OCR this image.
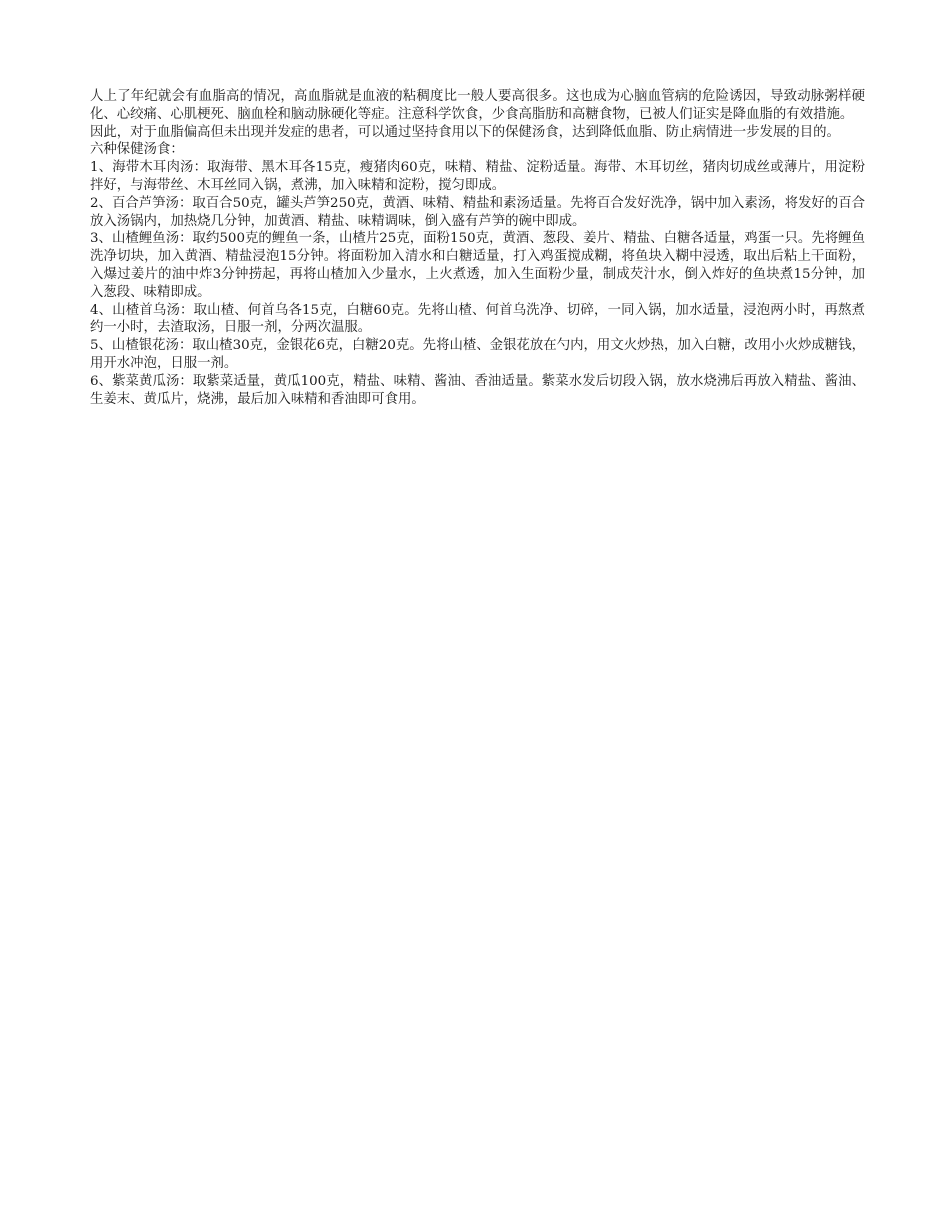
人上了年纪就会有血脂高的情况，高血脂就是血液的粘稠度比一般人要高很多。这也成为心脑血管病的危险诱因，导致动脉粥样硬化、心绞痛、心肌梗死、脑血栓和脑动脉硬化等症。注意科学饮食，少食高脂肪和高糖食物，已被人们证实是降血脂的有效措施。

因此，对于血脂偏高但未出现并发症的患者，可以通过坚持食用以下的保健汤食，达到降低血脂、防止病情进一步发展的目的。

六种保健汤食：

1、海带木耳肉汤：取海带、黑木耳各15克，瘦猪肉60克，味精、精盐、淀粉适量。海带、木耳切丝，猪肉切成丝或薄片，用淀粉拌好，与海带丝、木耳丝同入锅，煮沸，加入味精和淀粉，搅匀即成。

2、百合芦笋汤：取百合50克，罐头芦笋250克，黄酒、味精、精盐和素汤适量。先将百合发好洗净，锅中加入素汤，将发好的百合放入汤锅内，加热烧几分钟，加黄酒、精盐、味精调味，倒入盛有芦笋的碗中即成。

3、山楂鲤鱼汤：取约500克的鲤鱼一条，山楂片25克，面粉150克，黄酒、葱段、姜片、精盐、白糖各适量，鸡蛋一只。先将鲤鱼洗净切块，加入黄酒、精盐浸泡15分钟。将面粉加入清水和白糖适量，打入鸡蛋搅成糊，将鱼块入糊中浸透，取出后粘上干面粉，入爆过姜片的油中炸3分钟捞起，再将山楂加入少量水，上火煮透，加入生面粉少量，制成芡汁水，倒入炸好的鱼块煮15分钟，加入葱段、味精即成。

4、山楂首乌汤：取山楂、何首乌各15克，白糖60克。先将山楂、何首乌洗净、切碎，一同入锅，加水适量，浸泡两小时，再熬煮约一小时，去渣取汤，日服一剂，分两次温服。

5、山楂银花汤：取山楂30克，金银花6克，白糖20克。先将山楂、金银花放在勺内，用文火炒热，加入白糖，改用小火炒成糖钱，用开水冲泡，日服一剂。

6、紫菜黄瓜汤：取紫菜适量，黄瓜100克，精盐、味精、酱油、香油适量。紫菜水发后切段入锅，放水烧沸后再放入精盐、酱油、生姜末、黄瓜片，烧沸，最后加入味精和香油即可食用。
